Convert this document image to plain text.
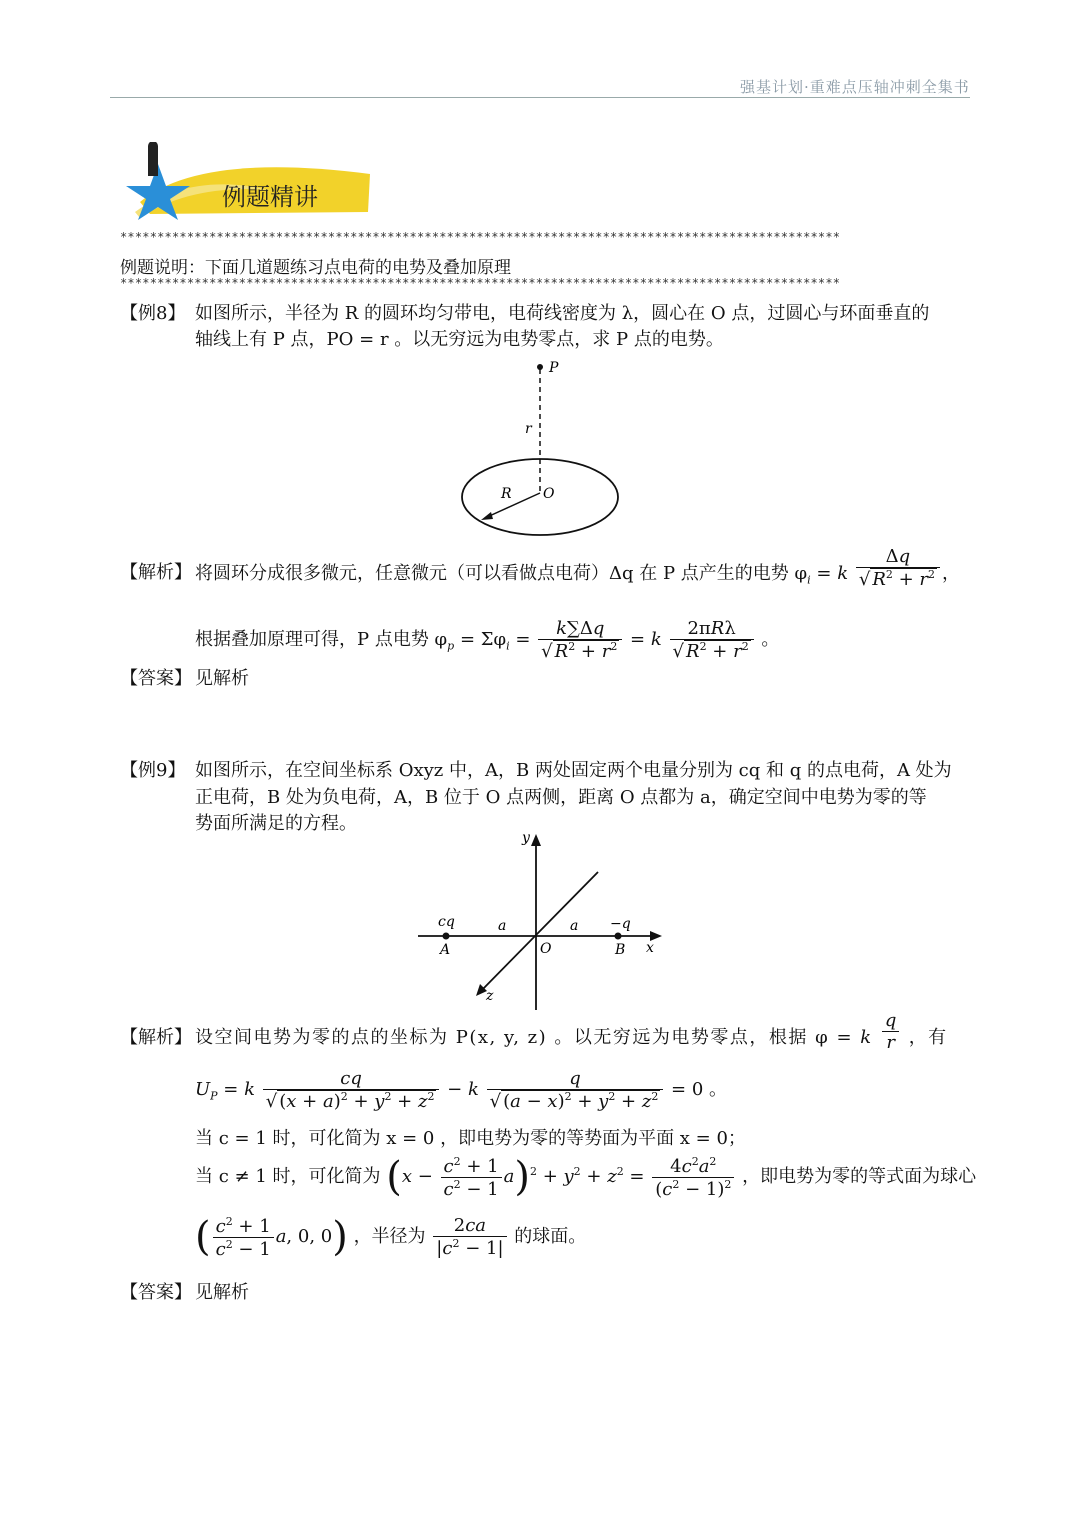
强基计划·重难点压轴冲刺全集书
例题精讲
*************************************************************************************************
例题说明：下面几道题练习点电荷的电势及叠加原理
*************************************************************************************************
【例8】 如图所示，半径为 R 的圆环均匀带电，电荷线密度为 λ，圆心在 O 点，过圆心与环面垂直的
轴线上有 P 点，PO = r 。以无穷远为电势零点，求 P 点的电势。
P
r
R O
【解析】 将圆环分成很多微元，任意微元（可以看做点电荷）Δq 在 P 点产生的电势 $\varphi_i = k \frac{\Delta q}{√ R^2 + r^2}$ ，
根据叠加原理可得，P 点电势 $\varphi_p = \Sigma\varphi_i = \frac{k\sum\Delta q}{√ R^2 + r^2} = k \frac{\text{2πRλ}}{√ R^2 + r^2}$ 。
【答案】 见解析
【例9】 如图所示，在空间坐标系 Oxyz 中，A，B 两处固定两个电量分别为 cq 和 q 的点电荷，A 处为
正电荷，B 处为负电荷，A，B 位于 O 点两侧，距离 O 点都为 a，确定空间中电势为零的等
势面所满足的方程。
y
x
z
O
a	a
cq	−q
A	B
【解析】 设空间电势为零的点的坐标为 P(x, y, z) 。以无穷远为电势零点，根据 φ = k $\frac{q}{r}$ ，有
$U_P = k \frac{cq}{√ (x + a)^2 + y^2 + z^2} - k \frac{q}{√ (a - x)^2 + y^2 + z^2} = 0$ 。
当 c = 1 时，可化简为 x = 0 ，即电势为零的等势面为平面 x = 0；
当 c ≠ 1 时，可化简为 $(x - \frac{c^2 + 1}{c^2 - 1} a)^2 + y^2 + z^2 = \frac{4c^2a^2}{(c^2 - 1)^2}$ ，即电势为零的等式面为球心
( $\frac{c^2 + 1}{c^2 - 1} a$, 0, 0) ，半径为 $\frac{2ca}{|c^2 - 1|}$ 的球面。
【答案】 见解析
